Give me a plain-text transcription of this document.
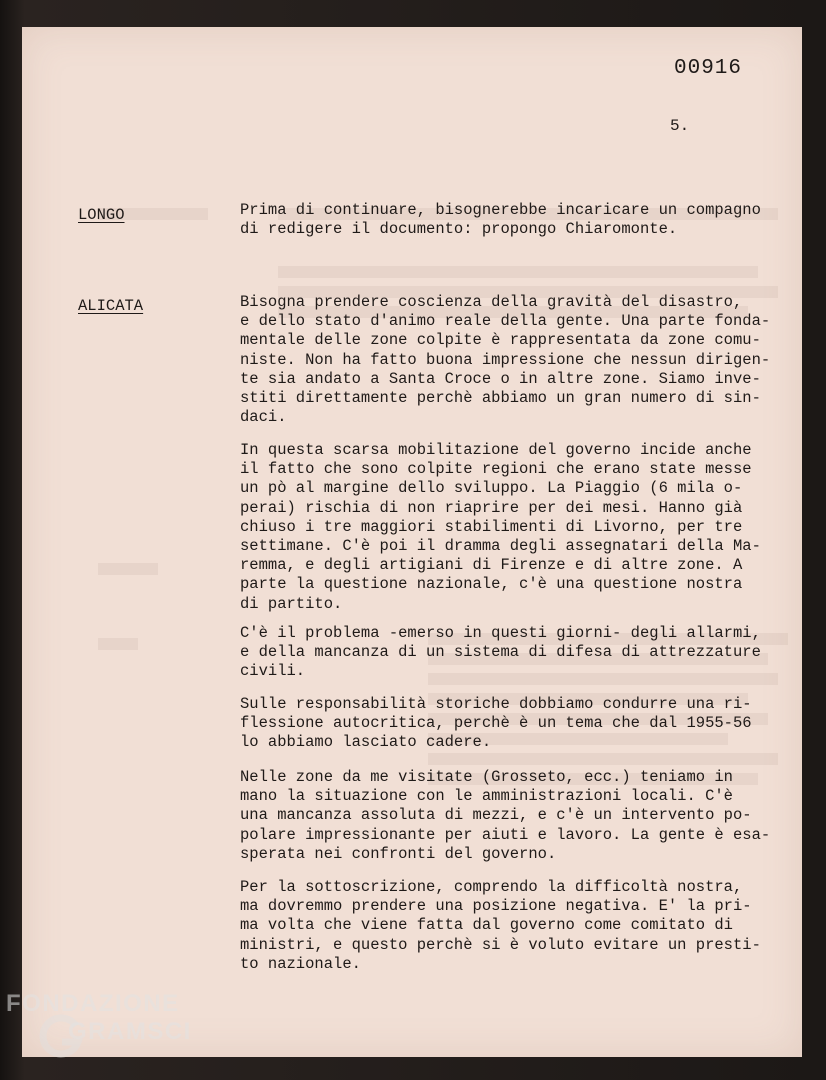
00916
5.
LONGO	Prima di continuare, bisognerebbe incaricare un compagno
di redigere il documento: propongo Chiaromonte.

ALICATA	Bisogna prendere coscienza della gravità del disastro,
e dello stato d'animo reale della gente. Una parte fonda-
mentale delle zone colpite è rappresentata da zone comu-
niste. Non ha fatto buona impressione che nessun dirigen-
te sia andato a Santa Croce o in altre zone. Siamo inve-
stiti direttamente perchè abbiamo un gran numero di sin-
daci.

In questa scarsa mobilitazione del governo incide anche
il fatto che sono colpite regioni che erano state messe
un pò al margine dello sviluppo. La Piaggio (6 mila o-
perai) rischia di non riaprire per dei mesi. Hanno già
chiuso i tre maggiori stabilimenti di Livorno, per tre
settimane. C'è poi il dramma degli assegnatari della Ma-
remma, e degli artigiani di Firenze e di altre zone. A
parte la questione nazionale, c'è una questione nostra
di partito.

C'è il problema -emerso in questi giorni- degli allarmi,
e della mancanza di un sistema di difesa di attrezzature
civili.

Sulle responsabilità storiche dobbiamo condurre una ri-
flessione autocritica, perchè è un tema che dal 1955-56
lo abbiamo lasciato cadere.

Nelle zone da me visitate (Grosseto, ecc.) teniamo in
mano la situazione con le amministrazioni locali. C'è
una mancanza assoluta di mezzi, e c'è un intervento po-
polare impressionante per aiuti e lavoro. La gente è esa-
sperata nei confronti del governo.

Per la sottoscrizione, comprendo la difficoltà nostra,
ma dovremmo prendere una posizione negativa. E' la pri-
ma volta che viene fatta dal governo come comitato di
ministri, e questo perchè si è voluto evitare un presti-
to nazionale.

FONDAZIONE
GRAMSCI
